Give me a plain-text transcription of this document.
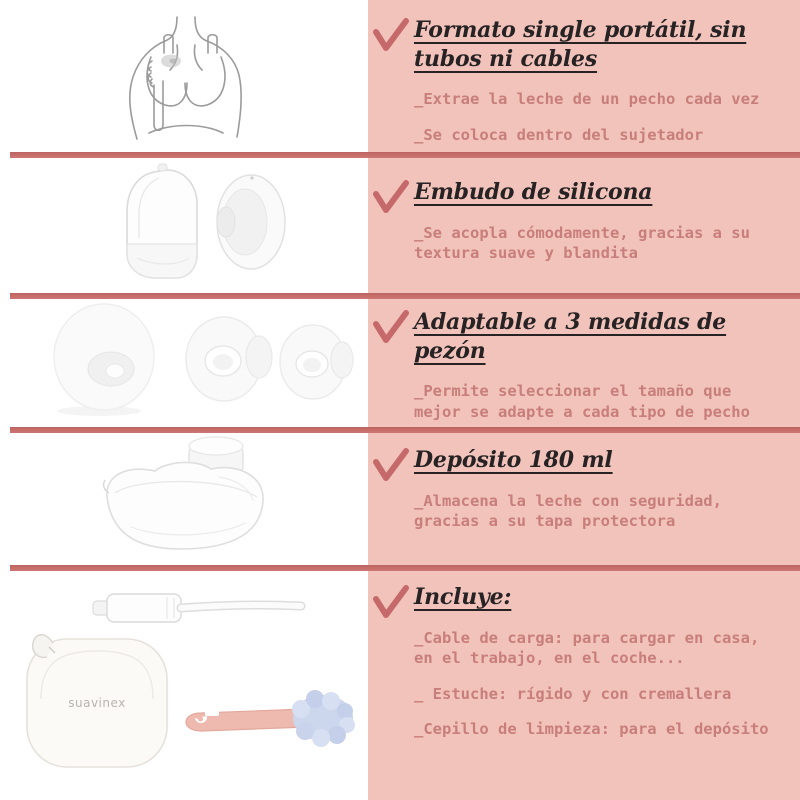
Formato single portátil, sin tubos ni cables
_Extrae la leche de un pecho cada vez
_Se coloca dentro del sujetador
Embudo de silicona
_Se acopla cómodamente, gracias a su textura suave y blandita
Adaptable a 3 medidas de pezón
_Permite seleccionar el tamaño que mejor se adapte a cada tipo de pecho
Depósito 180 ml
_Almacena la leche con seguridad, gracias a su tapa protectora
suavinex
Incluye:
_Cable de carga: para cargar en casa, en el trabajo, en el coche...
_ Estuche: rígido y con cremallera
_Cepillo de limpieza: para el depósito
